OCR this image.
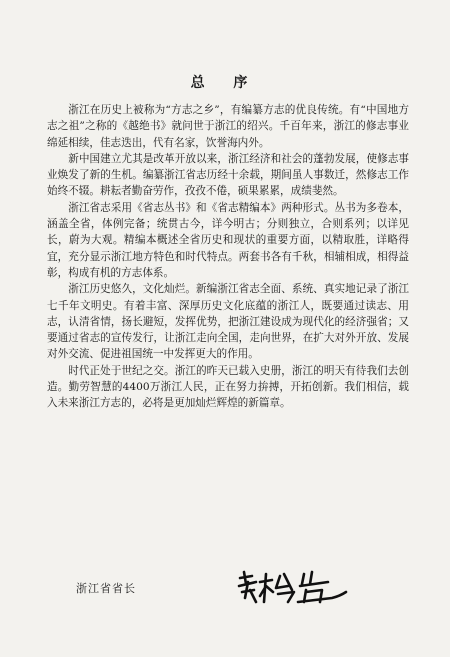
总 序

浙江在历史上被称为“方志之乡”，有编纂方志的优良传统。有“中国地方志之祖”之称的《越绝书》就问世于浙江的绍兴。千百年来，浙江的修志事业绵延相续，佳志迭出，代有名家，饮誉海内外。

新中国建立尤其是改革开放以来，浙江经济和社会的蓬勃发展，使修志事业焕发了新的生机。编纂浙江省志历经十余载，期间虽人事数迁，然修志工作始终不辍。耕耘者勤奋劳作，孜孜不倦，硕果累累，成绩斐然。

浙江省志采用《省志丛书》和《省志精编本》两种形式。丛书为多卷本，涵盖全省，体例完备；统贯古今，详今明古；分则独立，合则系列；以详见长，蔚为大观。精编本概述全省历史和现状的重要方面，以精取胜，详略得宜，充分显示浙江地方特色和时代特点。两套书各有千秋，相辅相成，相得益彰，构成有机的方志体系。

浙江历史悠久，文化灿烂。新编浙江省志全面、系统、真实地记录了浙江七千年文明史。有着丰富、深厚历史文化底蕴的浙江人，既要通过读志、用志，认清省情，扬长避短，发挥优势，把浙江建设成为现代化的经济强省；又要通过省志的宣传发行，让浙江走向全国，走向世界，在扩大对外开放、发展对外交流、促进祖国统一中发挥更大的作用。

时代正处于世纪之交。浙江的昨天已载入史册，浙江的明天有待我们去创造。勤劳智慧的4400万浙江人民，正在努力拚搏，开拓创新。我们相信，载入未来浙江方志的，必将是更加灿烂辉煌的新篇章。

浙江省省长
